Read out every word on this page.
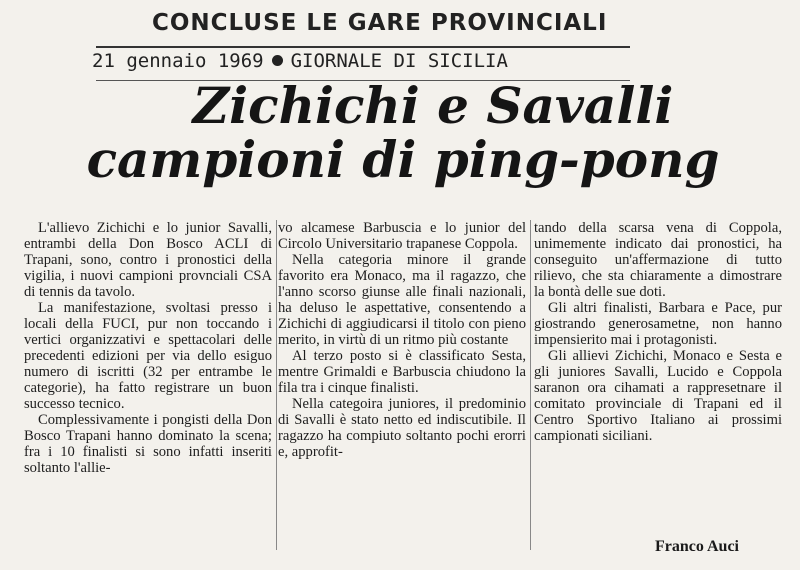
CONCLUSE LE GARE PROVINCIALI
21 gennaio 1969 GIORNALE DI SICILIA
Zichichi e Savalli
campioni di ping-pong

L'allievo Zichichi e lo junior Savalli, entrambi della Don Bosco ACLI di Trapani, sono, contro i pronostici della vigilia, i nuovi campioni provnciali CSA di tennis da tavolo.

La manifestazione, svoltasi presso i locali della FUCI, pur non toccando i vertici organizzativi e spettacolari delle precedenti edizioni per via dello esiguo numero di iscritti (32 per entrambe le categorie), ha fatto registrare un buon successo tecnico.

Complessivamente i pongisti della Don Bosco Trapani hanno dominato la scena; fra i 10 finalisti si sono infatti inseriti soltanto l'allie-

vo alcamese Barbuscia e lo junior del Circolo Universitario trapanese Coppola.

Nella categoria minore il grande favorito era Monaco, ma il ragazzo, che l'anno scorso giunse alle finali nazionali, ha deluso le aspettative, consentendo a Zichichi di aggiudicarsi il titolo con pieno merito, in virtù di un ritmo più costante

Al terzo posto si è classificato Sesta, mentre Grimaldi e Barbuscia chiudono la fila tra i cinque finalisti.

Nella categoira juniores, il predominio di Savalli è stato netto ed indiscutibile. Il ragazzo ha compiuto soltanto pochi erorri e, approfit-

tando della scarsa vena di Coppola, unimemente indicato dai pronostici, ha conseguito un'affermazione di tutto rilievo, che sta chiaramente a dimostrare la bontà delle sue doti.

Gli altri finalisti, Barbara e Pace, pur giostrando generosametne, non hanno impensierito mai i protagonisti.

Gli allievi Zichichi, Monaco e Sesta e gli juniores Savalli, Lucido e Coppola saranon ora cihamati a rappresetnare il comitato provinciale di Trapani ed il Centro Sportivo Italiano ai prossimi campionati siciliani.

Franco Auci
